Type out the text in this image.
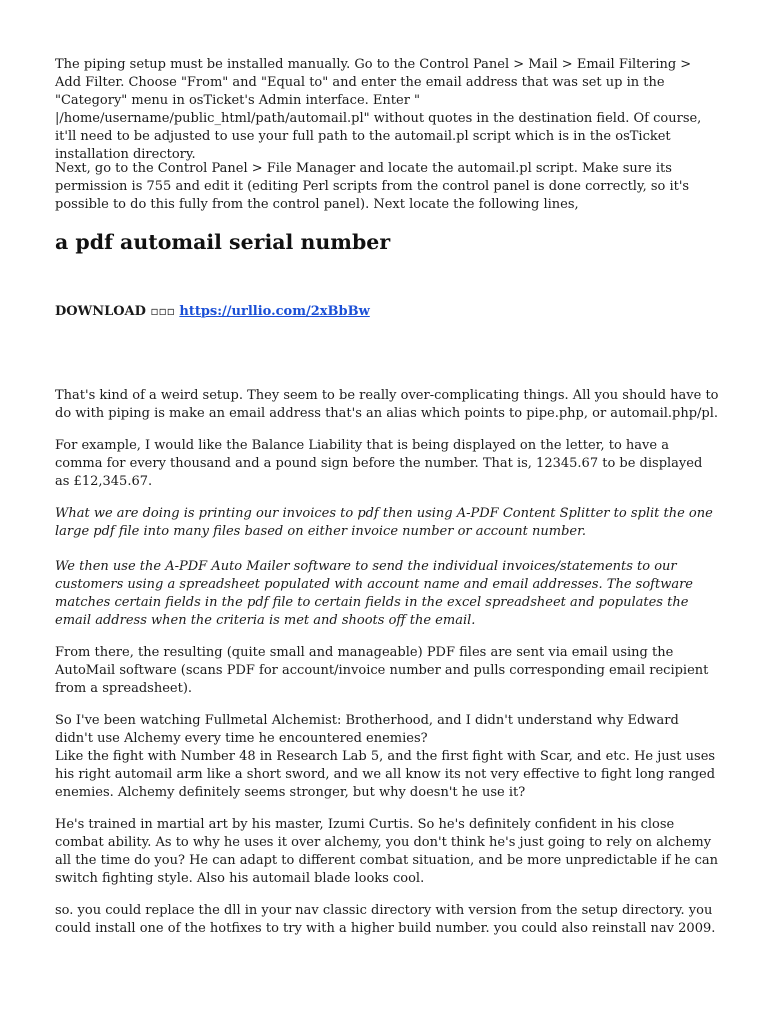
The piping setup must be installed manually. Go to the Control Panel > Mail > Email Filtering > Add Filter. Choose "From" and "Equal to" and enter the email address that was set up in the "Category" menu in osTicket's Admin interface. Enter " |/home/username/public_html/path/automail.pl" without quotes in the destination field. Of course, it'll need to be adjusted to use your full path to the automail.pl script which is in the osTicket installation directory.

Next, go to the Control Panel > File Manager and locate the automail.pl script. Make sure its permission is 755 and edit it (editing Perl scripts from the control panel is done correctly, so it's possible to do this fully from the control panel). Next locate the following lines,

a pdf automail serial number
DOWNLOAD ▫▫▫ https://urllio.com/2xBbBw

That's kind of a weird setup. They seem to be really over-complicating things. All you should have to do with piping is make an email address that's an alias which points to pipe.php, or automail.php/pl.

For example, I would like the Balance Liability that is being displayed on the letter, to have a comma for every thousand and a pound sign before the number. That is, 12345.67 to be displayed as £12,345.67.

What we are doing is printing our invoices to pdf then using A-PDF Content Splitter to split the one large pdf file into many files based on either invoice number or account number.

We then use the A-PDF Auto Mailer software to send the individual invoices/statements to our customers using a spreadsheet populated with account name and email addresses. The software matches certain fields in the pdf file to certain fields in the excel spreadsheet and populates the email address when the criteria is met and shoots off the email.

From there, the resulting (quite small and manageable) PDF files are sent via email using the AutoMail software (scans PDF for account/invoice number and pulls corresponding email recipient from a spreadsheet).

So I've been watching Fullmetal Alchemist: Brotherhood, and I didn't understand why Edward didn't use Alchemy every time he encountered enemies?

Like the fight with Number 48 in Research Lab 5, and the first fight with Scar, and etc. He just uses his right automail arm like a short sword, and we all know its not very effective to fight long ranged enemies. Alchemy definitely seems stronger, but why doesn't he use it?

He's trained in martial art by his master, Izumi Curtis. So he's definitely confident in his close combat ability. As to why he uses it over alchemy, you don't think he's just going to rely on alchemy all the time do you? He can adapt to different combat situation, and be more unpredictable if he can switch fighting style. Also his automail blade looks cool.

so. you could replace the dll in your nav classic directory with version from the setup directory. you could install one of the hotfixes to try with a higher build number. you could also reinstall nav 2009.
